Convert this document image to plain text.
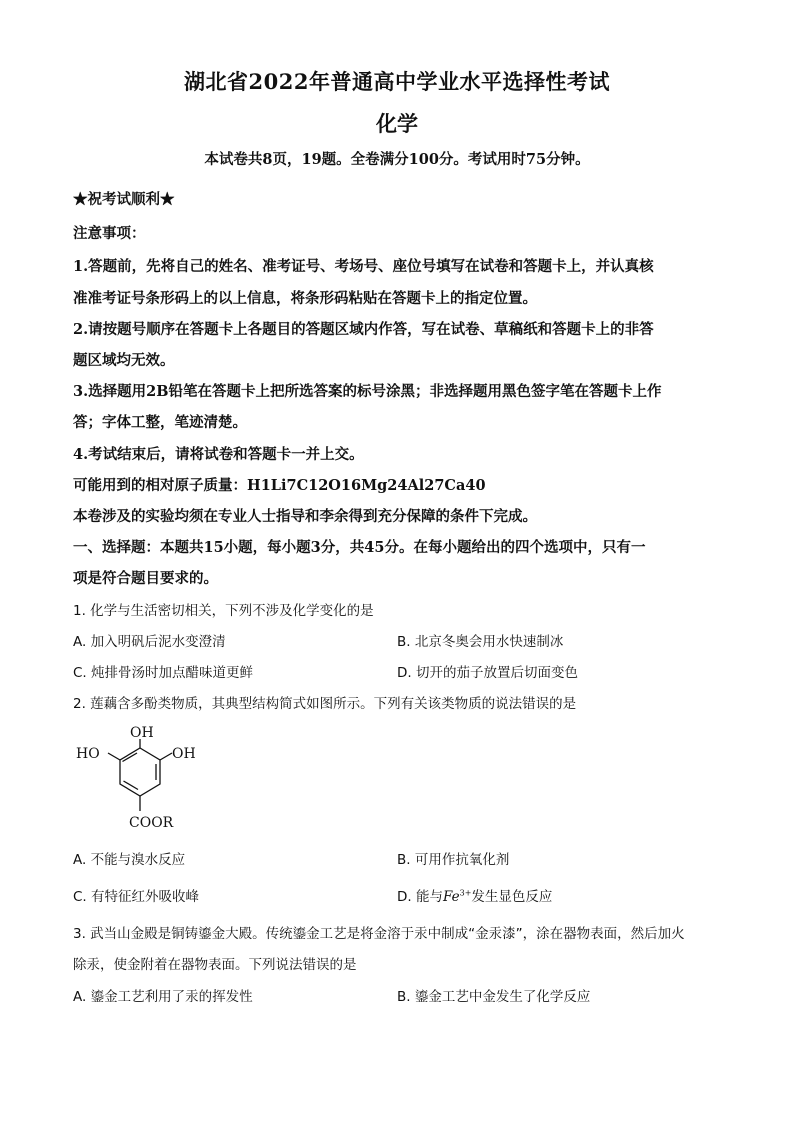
湖北省2022年普通高中学业水平选择性考试
化学
本试卷共8页，19题。全卷满分100分。考试用时75分钟。
★祝考试顺利★
注意事项：
1.答题前，先将自己的姓名、准考证号、考场号、座位号填写在试卷和答题卡上，并认真核
准准考证号条形码上的以上信息，将条形码粘贴在答题卡上的指定位置。
2.请按题号顺序在答题卡上各题目的答题区域内作答，写在试卷、草稿纸和答题卡上的非答
题区域均无效。
3.选择题用2B铅笔在答题卡上把所选答案的标号涂黑；非选择题用黑色签字笔在答题卡上作
答；字体工整，笔迹清楚。
4.考试结束后，请将试卷和答题卡一并上交。
可能用到的相对原子质量：H1Li7C12O16Mg24Al27Ca40
本卷涉及的实验均须在专业人士指导和李余得到充分保障的条件下完成。
一、选择题：本题共15小题，每小题3分，共45分。在每小题给出的四个选项中，只有一
项是符合题目要求的。
1. 化学与生活密切相关，下列不涉及化学变化的是
A. 加入明矾后泥水变澄清	B. 北京冬奥会用水快速制冰
C. 炖排骨汤时加点醋味道更鲜	D. 切开的茄子放置后切面变色
2. 莲藕含多酚类物质，其典型结构简式如图所示。下列有关该类物质的说法错误的是
OH
HO	OH
COOR
A. 不能与溴水反应	B. 可用作抗氧化剂
C. 有特征红外吸收峰	D. 能与$Fe^{3+}$发生显色反应
3. 武当山金殿是铜铸鎏金大殿。传统鎏金工艺是将金溶于汞中制成“金汞漆”，涂在器物表面，然后加火
除汞，使金附着在器物表面。下列说法错误的是
A. 鎏金工艺利用了汞的挥发性	B. 鎏金工艺中金发生了化学反应
